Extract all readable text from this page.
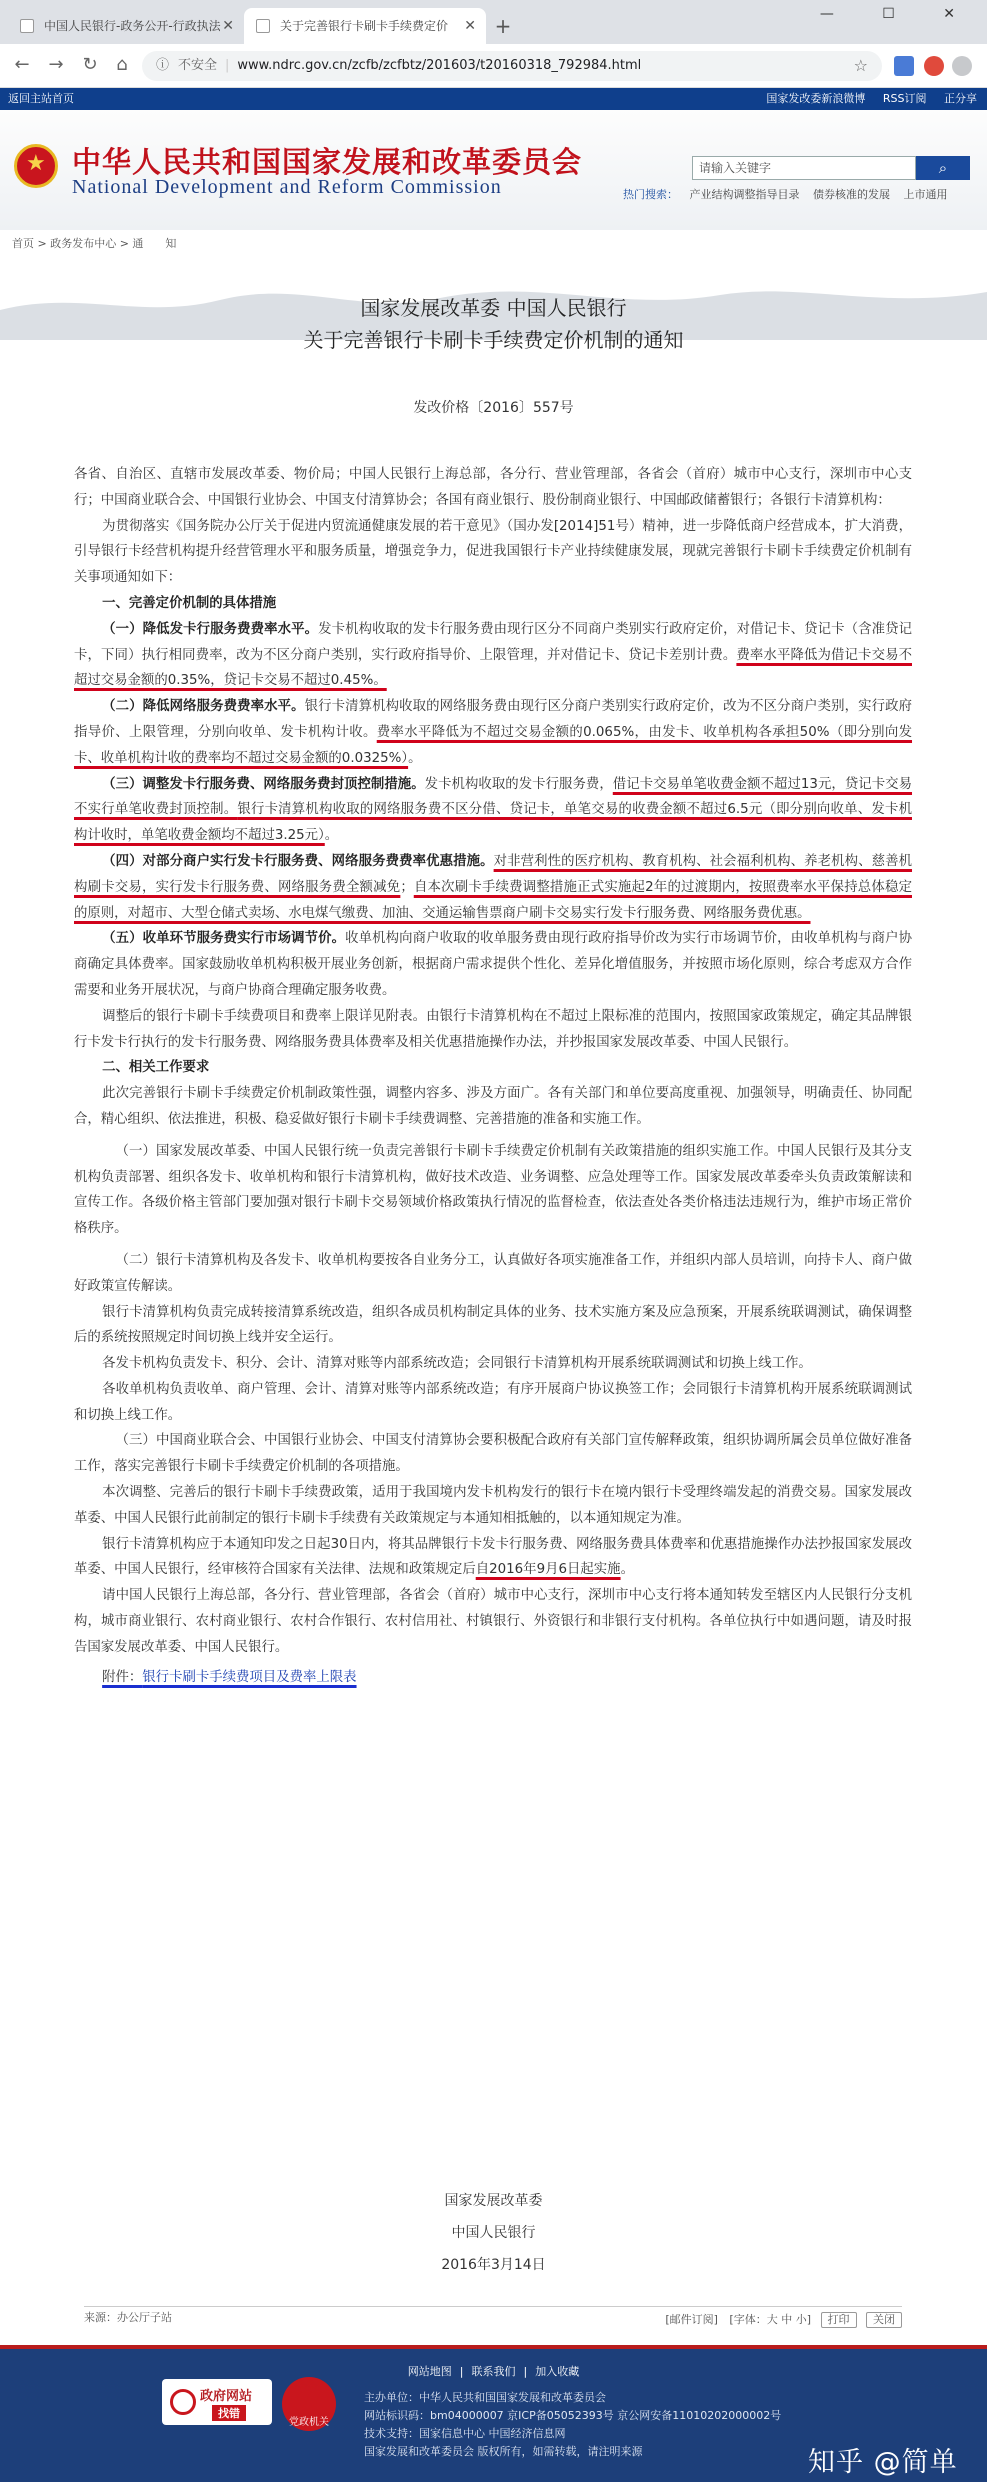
中国人民银行-政务公开-行政执法 ✕	关于完善银行卡刷卡手续费定价 ✕ +	— ☐ ✕
← → ↻	⌂	ⓘ 不安全 | www.ndrc.gov.cn/zcfb/zcfbtz/201603/t20160318_792984.html	☆
返回主站首页	国家发改委新浪微博 RSS订阅 正分享
★
中华人民共和国国家发展和改革委员会
National Development and Reform Commission
请输入关键字	⌕
热门搜索： 产业结构调整指导目录 债券核准的发展 上市通用
首页 > 政务发布中心 > 通　　知
国家发展改革委 中国人民银行
关于完善银行卡刷卡手续费定价机制的通知
发改价格〔2016〕557号

各省、自治区、直辖市发展改革委、物价局；中国人民银行上海总部，各分行、营业管理部，各省会（首府）城市中心支行，深圳市中心支行；中国商业联合会、中国银行业协会、中国支付清算协会；各国有商业银行、股份制商业银行、中国邮政储蓄银行；各银行卡清算机构：

为贯彻落实《国务院办公厅关于促进内贸流通健康发展的若干意见》（国办发[2014]51号）精神，进一步降低商户经营成本，扩大消费，引导银行卡经营机构提升经营管理水平和服务质量，增强竞争力，促进我国银行卡产业持续健康发展，现就完善银行卡刷卡手续费定价机制有关事项通知如下：

一、完善定价机制的具体措施

（一）降低发卡行服务费费率水平。发卡机构收取的发卡行服务费由现行区分不同商户类别实行政府定价，对借记卡、贷记卡（含准贷记卡，下同）执行相同费率，改为不区分商户类别，实行政府指导价、上限管理，并对借记卡、贷记卡差别计费。费率水平降低为借记卡交易不超过交易金额的0.35%，贷记卡交易不超过0.45%。

（二）降低网络服务费费率水平。银行卡清算机构收取的网络服务费由现行区分商户类别实行政府定价，改为不区分商户类别，实行政府指导价、上限管理，分别向收单、发卡机构计收。费率水平降低为不超过交易金额的0.065%，由发卡、收单机构各承担50%（即分别向发卡、收单机构计收的费率均不超过交易金额的0.0325%）。

（三）调整发卡行服务费、网络服务费封顶控制措施。发卡机构收取的发卡行服务费，借记卡交易单笔收费金额不超过13元，贷记卡交易不实行单笔收费封顶控制。银行卡清算机构收取的网络服务费不区分借、贷记卡，单笔交易的收费金额不超过6.5元（即分别向收单、发卡机构计收时，单笔收费金额均不超过3.25元）。

（四）对部分商户实行发卡行服务费、网络服务费费率优惠措施。对非营利性的医疗机构、教育机构、社会福利机构、养老机构、慈善机构刷卡交易，实行发卡行服务费、网络服务费全额减免；自本次刷卡手续费调整措施正式实施起2年的过渡期内，按照费率水平保持总体稳定的原则，对超市、大型仓储式卖场、水电煤气缴费、加油、交通运输售票商户刷卡交易实行发卡行服务费、网络服务费优惠。

（五）收单环节服务费实行市场调节价。收单机构向商户收取的收单服务费由现行政府指导价改为实行市场调节价，由收单机构与商户协商确定具体费率。国家鼓励收单机构积极开展业务创新，根据商户需求提供个性化、差异化增值服务，并按照市场化原则，综合考虑双方合作需要和业务开展状况，与商户协商合理确定服务收费。

调整后的银行卡刷卡手续费项目和费率上限详见附表。由银行卡清算机构在不超过上限标准的范围内，按照国家政策规定，确定其品牌银行卡发卡行执行的发卡行服务费、网络服务费具体费率及相关优惠措施操作办法，并抄报国家发展改革委、中国人民银行。

二、相关工作要求

此次完善银行卡刷卡手续费定价机制政策性强，调整内容多、涉及方面广。各有关部门和单位要高度重视、加强领导，明确责任、协同配合，精心组织、依法推进，积极、稳妥做好银行卡刷卡手续费调整、完善措施的准备和实施工作。

（一）国家发展改革委、中国人民银行统一负责完善银行卡刷卡手续费定价机制有关政策措施的组织实施工作。中国人民银行及其分支机构负责部署、组织各发卡、收单机构和银行卡清算机构，做好技术改造、业务调整、应急处理等工作。国家发展改革委牵头负责政策解读和宣传工作。各级价格主管部门要加强对银行卡刷卡交易领域价格政策执行情况的监督检查，依法查处各类价格违法违规行为，维护市场正常价格秩序。

（二）银行卡清算机构及各发卡、收单机构要按各自业务分工，认真做好各项实施准备工作，并组织内部人员培训，向持卡人、商户做好政策宣传解读。

银行卡清算机构负责完成转接清算系统改造，组织各成员机构制定具体的业务、技术实施方案及应急预案，开展系统联调测试，确保调整后的系统按照规定时间切换上线并安全运行。

各发卡机构负责发卡、积分、会计、清算对账等内部系统改造；会同银行卡清算机构开展系统联调测试和切换上线工作。

各收单机构负责收单、商户管理、会计、清算对账等内部系统改造；有序开展商户协议换签工作；会同银行卡清算机构开展系统联调测试和切换上线工作。

（三）中国商业联合会、中国银行业协会、中国支付清算协会要积极配合政府有关部门宣传解释政策，组织协调所属会员单位做好准备工作，落实完善银行卡刷卡手续费定价机制的各项措施。

本次调整、完善后的银行卡刷卡手续费政策，适用于我国境内发卡机构发行的银行卡在境内银行卡受理终端发起的消费交易。国家发展改革委、中国人民银行此前制定的银行卡刷卡手续费有关政策规定与本通知相抵触的，以本通知规定为准。

银行卡清算机构应于本通知印发之日起30日内，将其品牌银行卡发卡行服务费、网络服务费具体费率和优惠措施操作办法抄报国家发展改革委、中国人民银行，经审核符合国家有关法律、法规和政策规定后自2016年9月6日起实施。

请中国人民银行上海总部，各分行、营业管理部，各省会（首府）城市中心支行，深圳市中心支行将本通知转发至辖区内人民银行分支机构，城市商业银行、农村商业银行、农村合作银行、农村信用社、村镇银行、外资银行和非银行支付机构。各单位执行中如遇问题，请及时报告国家发展改革委、中国人民银行。

附件：银行卡刷卡手续费项目及费率上限表

国家发展改革委
中国人民银行
2016年3月14日
来源：办公厅子站	[邮件订阅] [字体：大 中 小] 打印 关闭
网站地图 | 联系我们 | 加入收藏
政府网站
找错
党政机关
主办单位：中华人民共和国国家发展和改革委员会
网站标识码：bm04000007 京ICP备05052393号 京公网安备11010202000002号
技术支持：国家信息中心 中国经济信息网
国家发展和改革委员会 版权所有，如需转载，请注明来源	知乎 @简单
